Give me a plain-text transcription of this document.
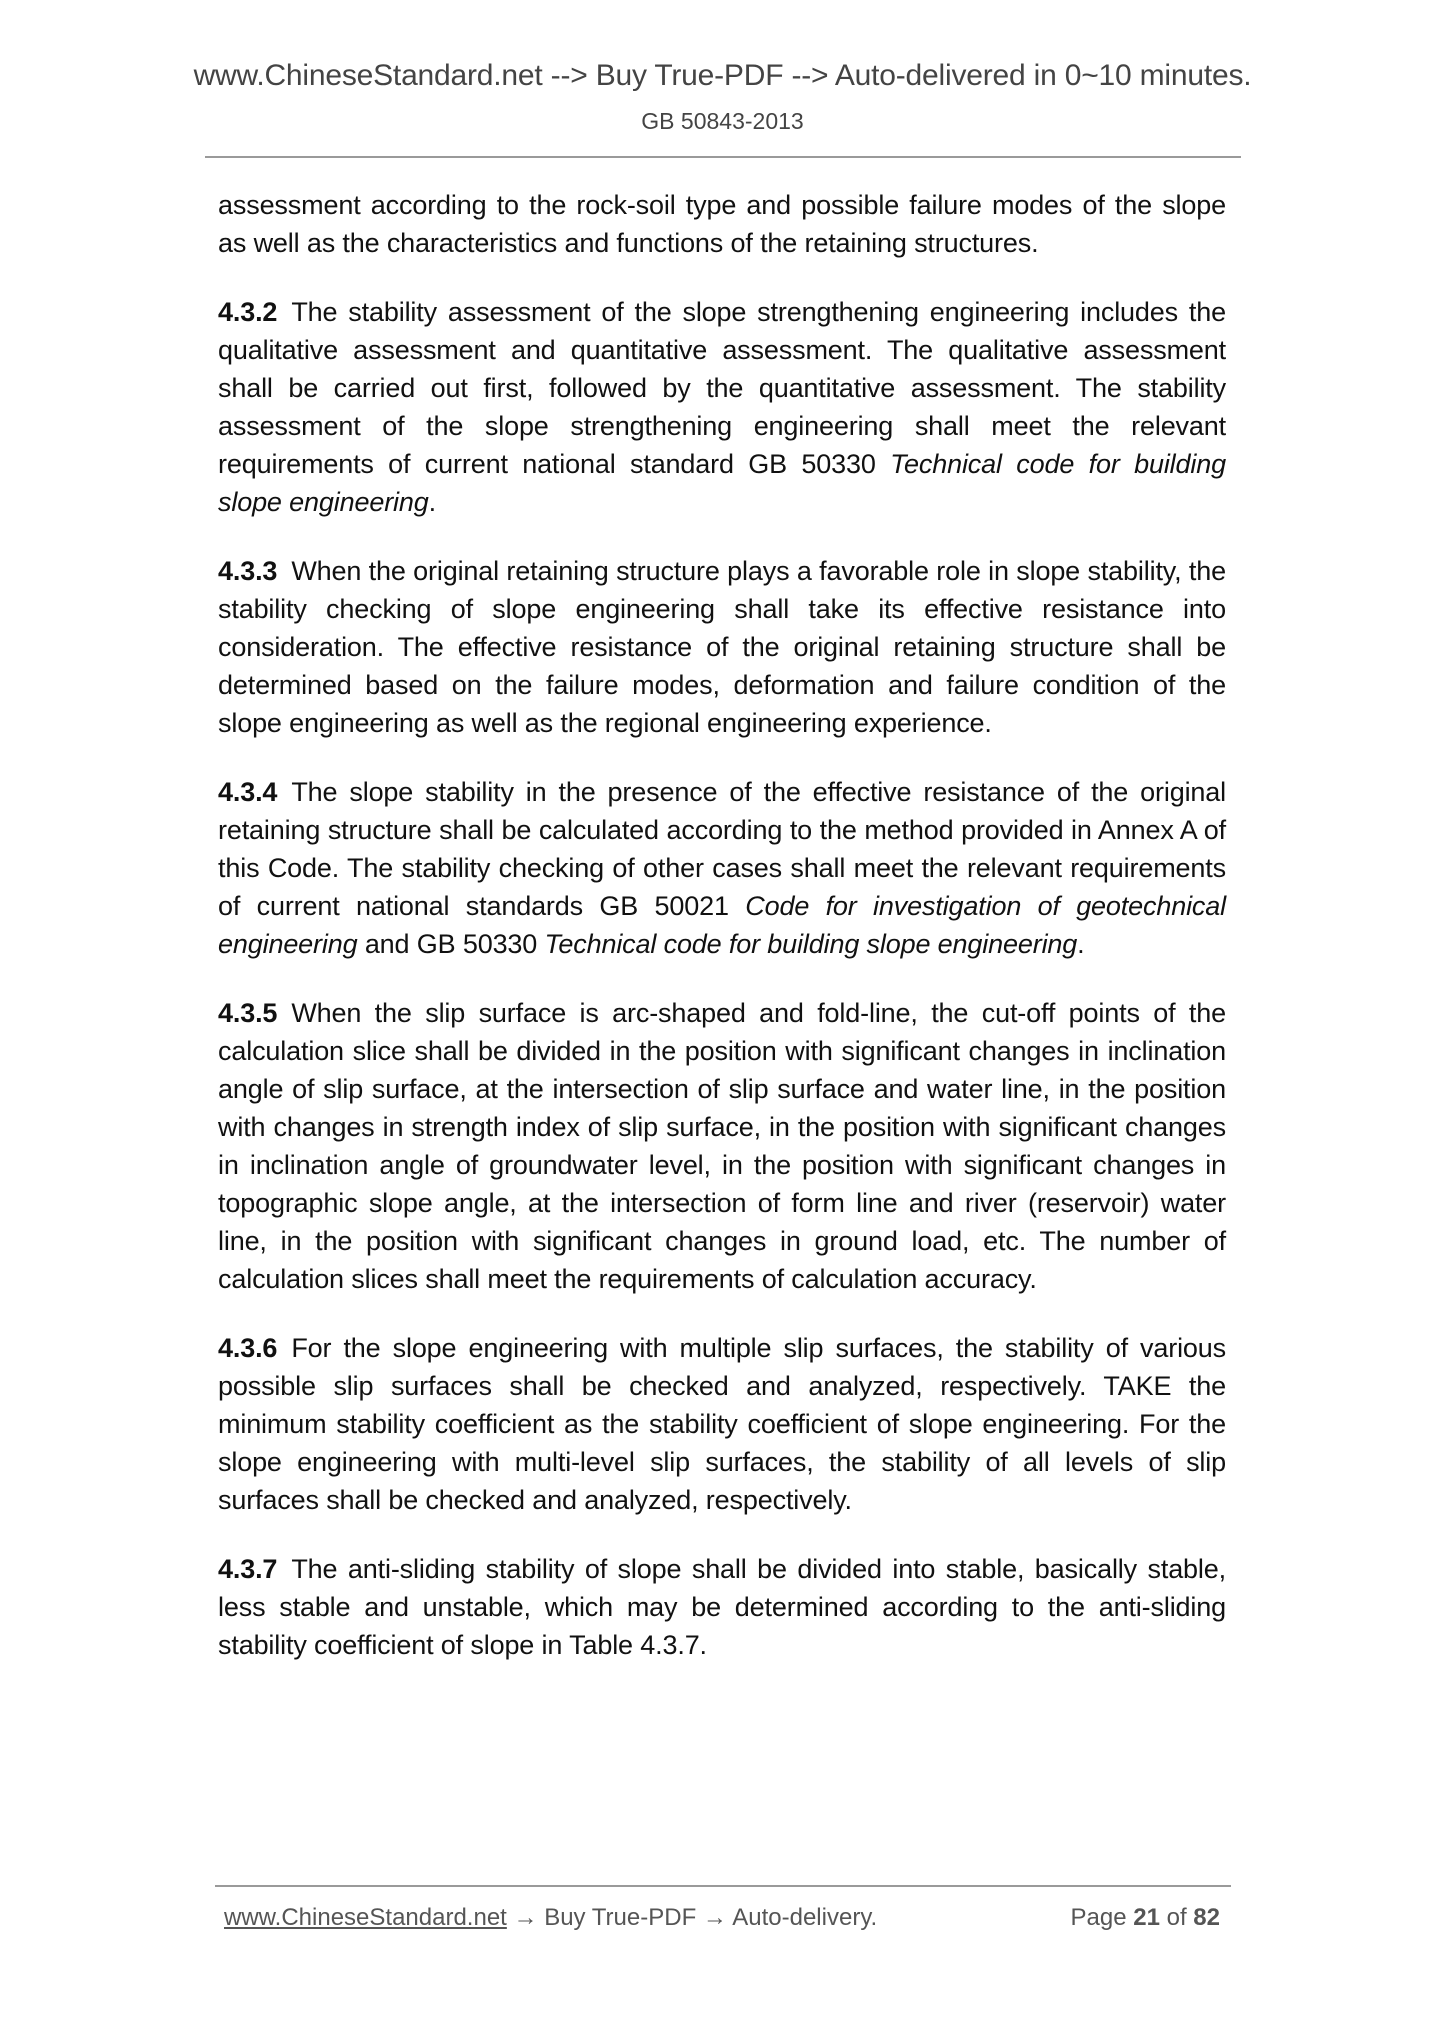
www.ChineseStandard.net --> Buy True-PDF --> Auto-delivered in 0~10 minutes.
GB 50843-2013

assessment according to the rock-soil type and possible failure modes of the slope as well as the characteristics and functions of the retaining structures.

4.3.2 The stability assessment of the slope strengthening engineering includes the qualitative assessment and quantitative assessment. The qualitative assessment shall be carried out first, followed by the quantitative assessment. The stability assessment of the slope strengthening engineering shall meet the relevant requirements of current national standard GB 50330 Technical code for building slope engineering.

4.3.3 When the original retaining structure plays a favorable role in slope stability, the stability checking of slope engineering shall take its effective resistance into consideration. The effective resistance of the original retaining structure shall be determined based on the failure modes, deformation and failure condition of the slope engineering as well as the regional engineering experience.

4.3.4 The slope stability in the presence of the effective resistance of the original retaining structure shall be calculated according to the method provided in Annex A of this Code. The stability checking of other cases shall meet the relevant requirements of current national standards GB 50021 Code for investigation of geotechnical engineering and GB 50330 Technical code for building slope engineering.

4.3.5 When the slip surface is arc-shaped and fold-line, the cut-off points of the calculation slice shall be divided in the position with significant changes in inclination angle of slip surface, at the intersection of slip surface and water line, in the position with changes in strength index of slip surface, in the position with significant changes in inclination angle of groundwater level, in the position with significant changes in topographic slope angle, at the intersection of form line and river (reservoir) water line, in the position with significant changes in ground load, etc. The number of calculation slices shall meet the requirements of calculation accuracy.

4.3.6 For the slope engineering with multiple slip surfaces, the stability of various possible slip surfaces shall be checked and analyzed, respectively. TAKE the minimum stability coefficient as the stability coefficient of slope engineering. For the slope engineering with multi-level slip surfaces, the stability of all levels of slip surfaces shall be checked and analyzed, respectively.

4.3.7 The anti-sliding stability of slope shall be divided into stable, basically stable, less stable and unstable, which may be determined according to the anti-sliding stability coefficient of slope in Table 4.3.7.

www.ChineseStandard.net → Buy True-PDF → Auto-delivery.	Page 21 of 82
